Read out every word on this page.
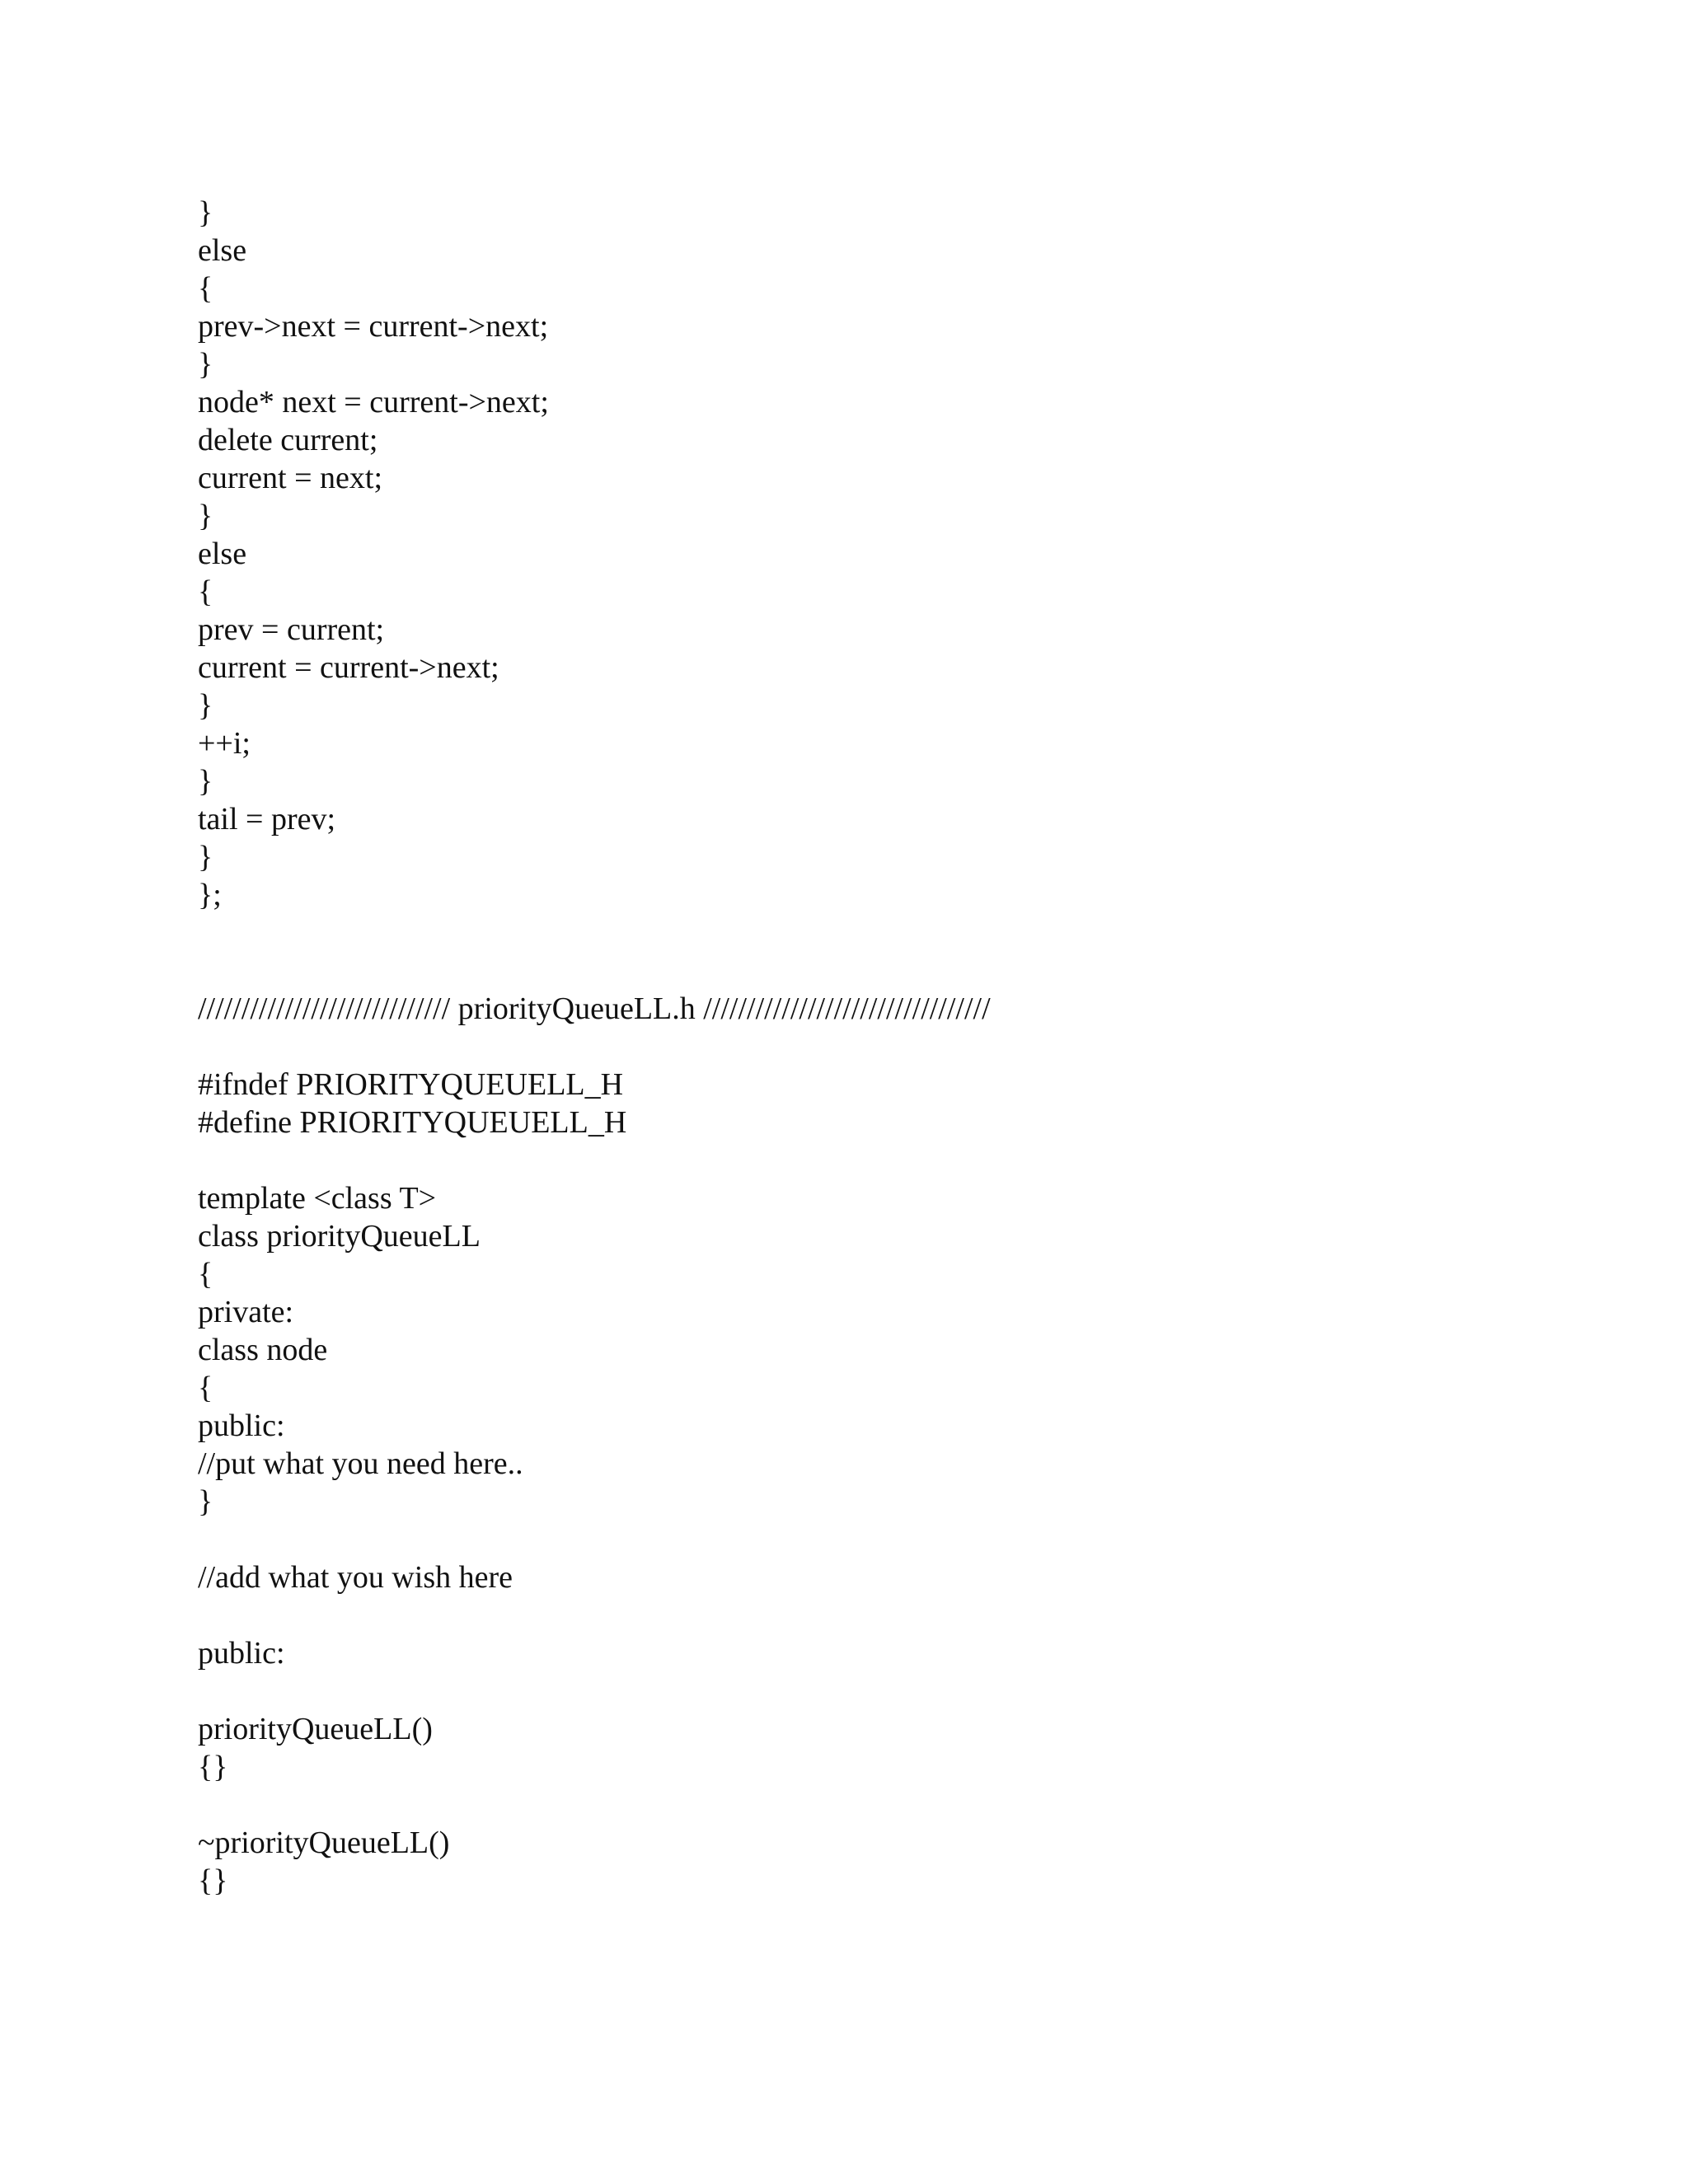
}
else
{
prev->next = current->next;
}
node* next = current->next;
delete current;
current = next;
}
else
{
prev = current;
current = current->next;
}
++i;
}
tail = prev;
}
};
///////////////////////////// priorityQueueLL.h /////////////////////////////////
#ifndef PRIORITYQUEUELL_H
#define PRIORITYQUEUELL_H
template <class T>
class priorityQueueLL
{
private:
class node
{
public:
//put what you need here..
}
//add what you wish here
public:
priorityQueueLL()
{}
~priorityQueueLL()
{}
